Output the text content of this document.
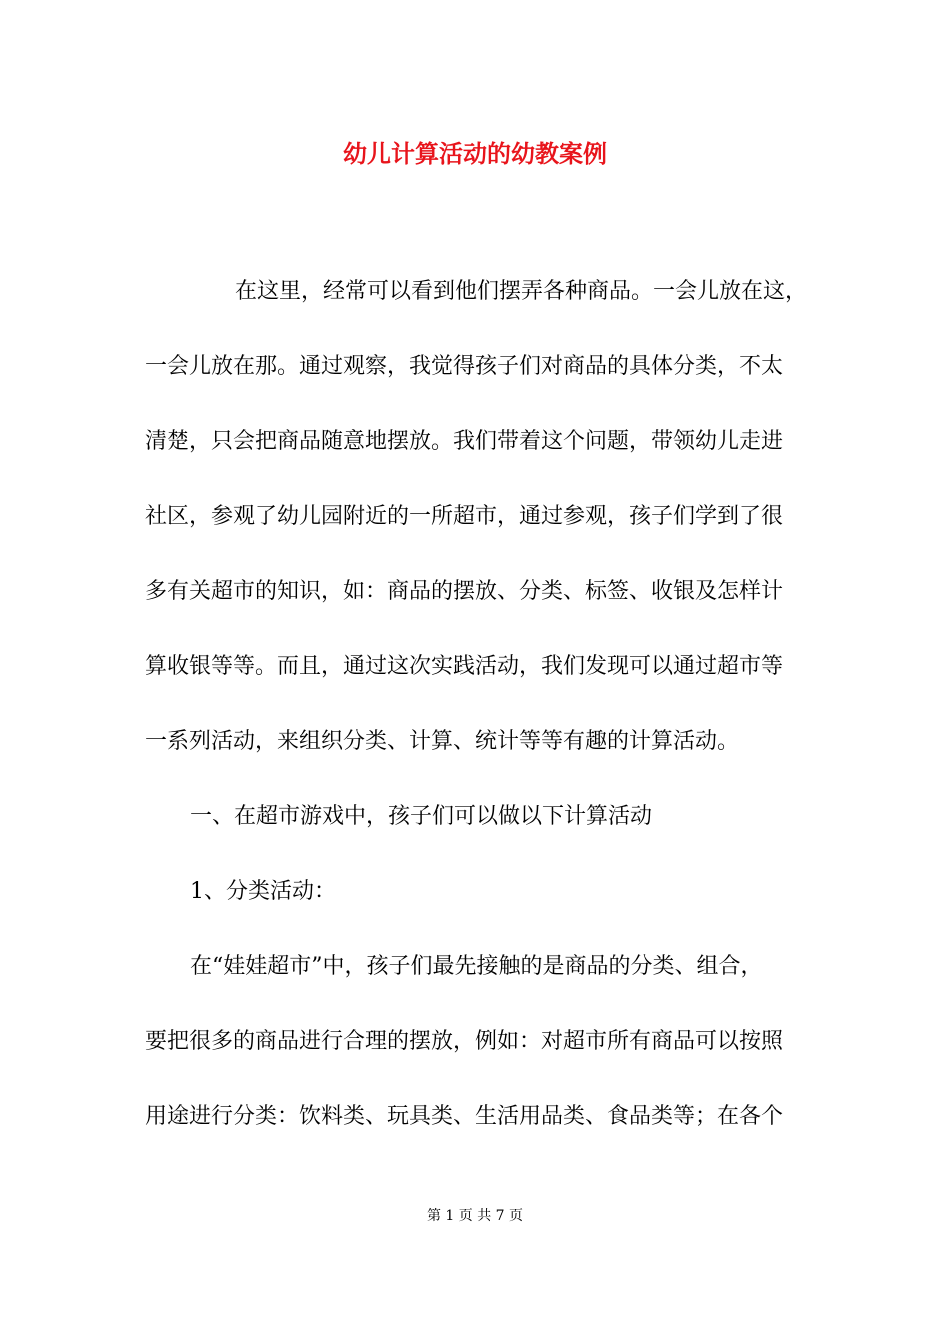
幼儿计算活动的幼教案例
在这里，经常可以看到他们摆弄各种商品。一会儿放在这，
一会儿放在那。通过观察，我觉得孩子们对商品的具体分类，不太
清楚，只会把商品随意地摆放。我们带着这个问题，带领幼儿走进
社区，参观了幼儿园附近的一所超市，通过参观，孩子们学到了很
多有关超市的知识，如：商品的摆放、分类、标签、收银及怎样计
算收银等等。而且，通过这次实践活动，我们发现可以通过超市等
一系列活动，来组织分类、计算、统计等等有趣的计算活动。
一、在超市游戏中，孩子们可以做以下计算活动
1、分类活动：
在“娃娃超市”中，孩子们最先接触的是商品的分类、组合，
要把很多的商品进行合理的摆放，例如：对超市所有商品可以按照
用途进行分类：饮料类、玩具类、生活用品类、食品类等；在各个
第 1 页 共 7 页
